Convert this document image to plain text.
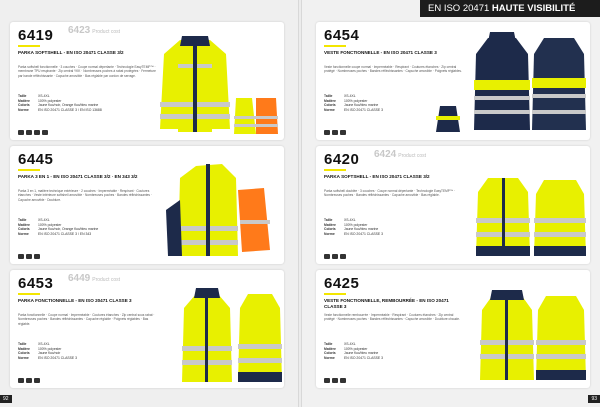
EN ISO 20471 HAUTE VISIBILITÉ
6419 6423 Product cost
PARKA SOFTSHELL - EN ISO 20471 CLASSE 3/2
Parka softshell fonctionnelle · 3 couches · Coupe normal déperlante · Technologie EasyTEMP™ · membrane TPU respirante · Zip central YKK · Nombreuses poches à rabat protégées · Fermeture par bande réfléchissante · Capuche amovible · Bas réglable par cordon de serrage.
Taille	XS-4XL
Matière	100% polyester
Coloris	Jaune fluo/noir, Orange fluo/bleu marine
Norme	EN ISO 20471 CLASSE 3 / EN ISO 13688
6445
PARKA 3 EN 1 - EN ISO 20471 CLASSE 3/2 · EN 343 3/2
Parka 3 en 1, matière technique extérieure · 2 couches · Imperméable · Respirant · Coutures étanches · Veste intérieure softshell amovible · Nombreuses poches · Bandes réfléchissantes · Capuche amovible · Doublure.
Taille	XS-4XL
Matière	100% polyester
Coloris	Jaune fluo/noir, Orange fluo/bleu marine
Norme	EN ISO 20471 CLASSE 3 / EN 343
6453 6449 Product cost
PARKA FONCTIONNELLE - EN ISO 20471 CLASSE 3
Parka fonctionnelle · Coupe normal · Imperméable · Coutures étanches · Zip central sous rabat · Nombreuses poches · Bandes réfléchissantes · Capuche réglable · Poignets réglables · Bas réglable.
Taille	XS-4XL
Matière	100% polyester
Coloris	Jaune fluo/noir
Norme	EN ISO 20471 CLASSE 3
6454
VESTE FONCTIONNELLE - EN ISO 20471 CLASSE 3
Veste fonctionnelle coupe normal · Imperméable · Respirant · Coutures étanches · Zip central protégé · Nombreuses poches · Bandes réfléchissantes · Capuche amovible · Poignets réglables.
Taille	XS-4XL
Matière	100% polyester
Coloris	Jaune fluo/bleu marine
Norme	EN ISO 20471 CLASSE 3
6420 6424 Product cost
PARKA SOFTSHELL - EN ISO 20471 CLASSE 3/2
Parka softshell doublée · 3 couches · Coupe normal déperlante · Technologie EasyTEMP™ · Nombreuses poches · Bandes réfléchissantes · Capuche amovible · Bas réglable.
Taille	XS-4XL
Matière	100% polyester
Coloris	Jaune fluo/bleu marine
Norme	EN ISO 20471 CLASSE 3
6425
VESTE FONCTIONNELLE, REMBOURRÉE - EN ISO 20471 CLASSE 3
Veste fonctionnelle rembourrée · Imperméable · Respirant · Coutures étanches · Zip central protégé · Nombreuses poches · Bandes réfléchissantes · Capuche amovible · Doublure chaude.
Taille	XS-4XL
Matière	100% polyester
Coloris	Jaune fluo/bleu marine
Norme	EN ISO 20471 CLASSE 3
92	93
